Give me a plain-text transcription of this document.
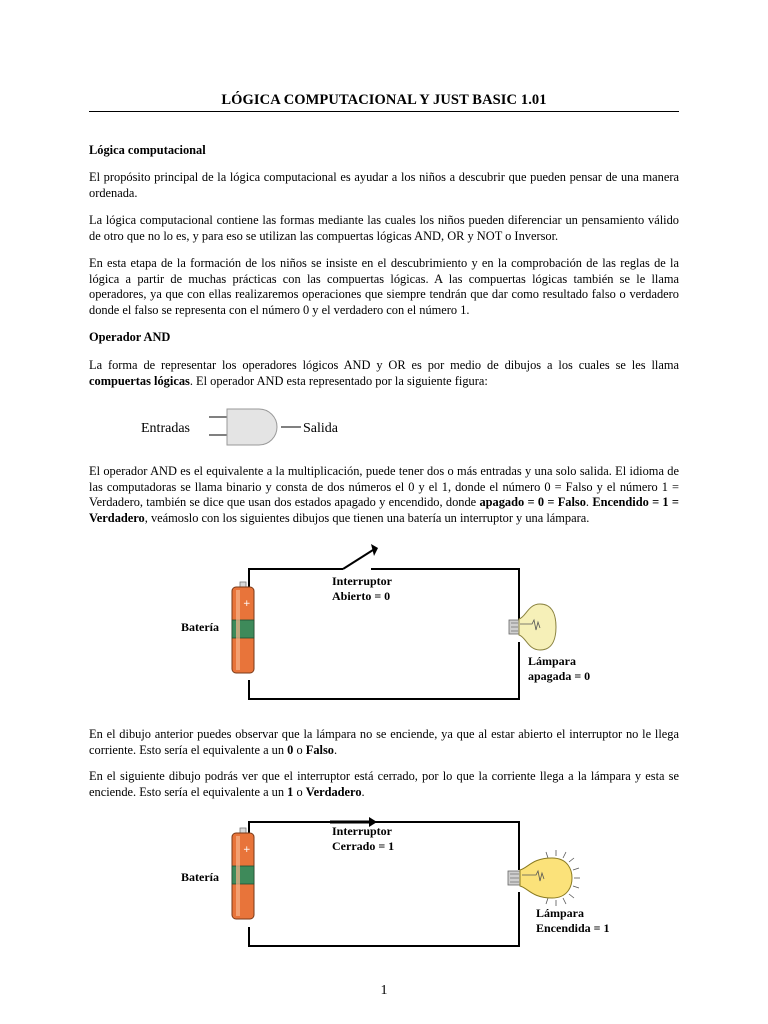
LÓGICA COMPUTACIONAL Y JUST BASIC 1.01
Lógica computacional
El propósito principal de la lógica computacional es ayudar a los niños a descubrir que pueden pensar de una manera ordenada.
La lógica computacional contiene las formas mediante las cuales los niños pueden diferenciar un pensamiento válido de otro que no lo es, y para eso se utilizan las compuertas lógicas AND, OR y NOT o Inversor.
En esta etapa de la formación de los niños se insiste en el descubrimiento y en la comprobación de las reglas de la lógica a partir de muchas prácticas con las compuertas lógicas. A las compuertas lógicas también se le llama operadores, ya que con ellas realizaremos operaciones que siempre tendrán que dar como resultado falso o verdadero donde el falso se representa con el número 0 y el verdadero con el número 1.
Operador AND
La forma de representar los operadores lógicos AND y OR es por medio de dibujos a los cuales se les llama compuertas lógicas. El operador AND esta representado por la siguiente figura:
Entradas	Salida
El operador AND es el equivalente a la multiplicación, puede tener dos o más entradas y una solo salida. El idioma de las computadoras se llama binario y consta de dos números el 0 y el 1, donde el número 0 = Falso y el número 1 = Verdadero, también se dice que usan dos estados apagado y encendido, donde apagado = 0 = Falso. Encendido = 1 = Verdadero, veámoslo con los siguientes dibujos que tienen una batería un interruptor y una lámpara.
+
Interruptor
Abierto = 0
Batería
Lámpara
apagada = 0
En el dibujo anterior puedes observar que la lámpara no se enciende, ya que al estar abierto el interruptor no le llega corriente. Esto sería el equivalente a un 0 o Falso.
En el siguiente dibujo podrás ver que el interruptor está cerrado, por lo que la corriente llega a la lámpara y esta se enciende. Esto sería el equivalente a un 1 o Verdadero.
+
Interruptor
Cerrado = 1
Batería
Lámpara
Encendida = 1
1
